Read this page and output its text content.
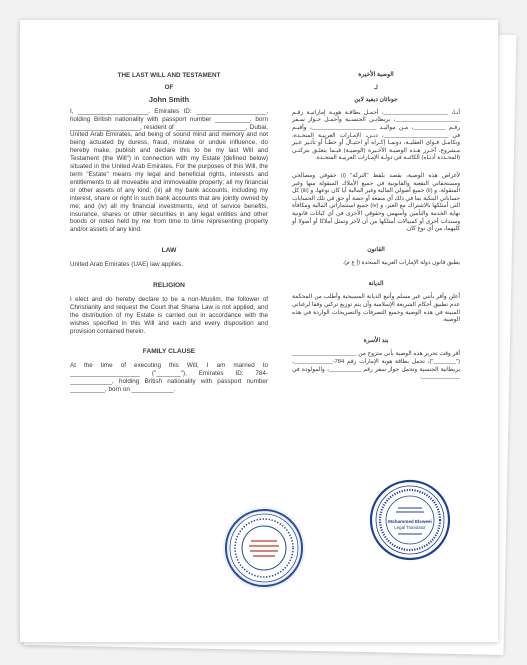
THE LAST WILL AND TESTAMENT
OF
John Smith

I, ____________________, Emirates ID: ____________________, holding British nationality with passport number __________, born ____________________, resident of ____________________, Dubai, United Arab Emirates, and being of sound mind and memory and not being actuated by duress, fraud, mistake or undue influence, do hereby make, publish and declare this to be my last Will and Testament (the Will") in connection with my Estate (defined below) situated in the United Arab Emirates. For the purposes of this Will, the term "Estate" means my legal and beneficial rights, interests and entitlements to all moveable and immoveable property; all my financial or other assets of any kind; (iii) all my bank accounts, including my interest, share or right in such bank accounts that are jointly owned by me; and (iv) all my financial investments, end of service benefits, insurance, shares or other securities in any legal entities and other bonds or notes held by me from time to time representing property and/or assets of any kind.

LAW

United Arab Emirates (UAE) law applies.

RELIGION

I elect and do hereby declare to be a non-Muslim, the follower of Christianity and request the Court that Sharia Law is not applied, and the distribution of my Estate is carried out in accordance with the wishes specified in this Will and each and every disposition and provision contained herein.

FAMILY CLAUSE

At the time of executing this Will, I am married to ____________________ ("_______"), Emirates ID: 784-____________, holding British nationality with passport number __________, born on ____________.

الوصية الأخيرة
لـ
جوناثان ديفيد لاين

أنـا، ____________________، أحمـل بطاقـة هويـة إماراتيـة رقـم ____________________، بريطانـي الجنسـية وأحمـل جـواز سـفر رقـم __________، مـن مواليـد ____________________، وأقيـم في ____________________، دبـي، الإمـارات العربيـة المتحـدة، وبكامـل قـواي العقليـة، دونمـا إكـراه أو احتيـال أو خطـأ أو تأثـير غـير مـشروع، أحـرر هـذه الوصيـة الأخـيرة (الوصيـة) فيـما يتعلـق بتركتـي (المحـددة أدنـاه) الكائنـة في دولـة الإمـارات العربيـة المتحـدة.

لأغراض هذه الوصية، يقصد بلفظ "التركة" (i) حقوقي ومصالحي ومستحقاتي النفعية والقانونية في جميع الأملاك المنقولة منها وغير المنقولة، و (ii) جميع أصولي المالية وغير المالية أيا كان نوعها، و (iii) كل حساباتي البنكية بما في ذلك أي منفعة أو حصة أو حق في تلك الحسابات التي أمتلكها بالاشتراك مع الغير، و (iv) جميع استثماراتي المالية ومكافأة نهاية الخدمة والتأمين وأسهمي وحقوقي الأخرى في أي كيانات قانونية وسندات أخرى أو كمبيالات أمتلكها من آن لآخر وتمثل أملاكا أو أصولا أو كليهما، من أي نوع كان.

القانون

يطبق قانون دولة الإمارات العربية المتحدة (إ ع م).

الديانة

أعلن وأقر بأنني غير مسلم وأتبع الديانة المسيحية وأطلب من المحكمة عدم تطبيق أحكام الشريعة الإسلامية وأن يتم توزيع تركتي وفقا لرغباتي المبينة في هذه الوصية وجميع التصرفات والتصريحات الواردة في هذه الوصية.

بند الأسرة

أقر وقت تحرير هذه الوصية بأني متزوج من ____________________ ("_______")، تحمل بطاقة هوية الإمارات رقم 784-____________، بريطانية الجنسية وتحمل جواز سفر رقم __________، والمولودة في ____________.

Mohammed Elsweei
Legal Translator
